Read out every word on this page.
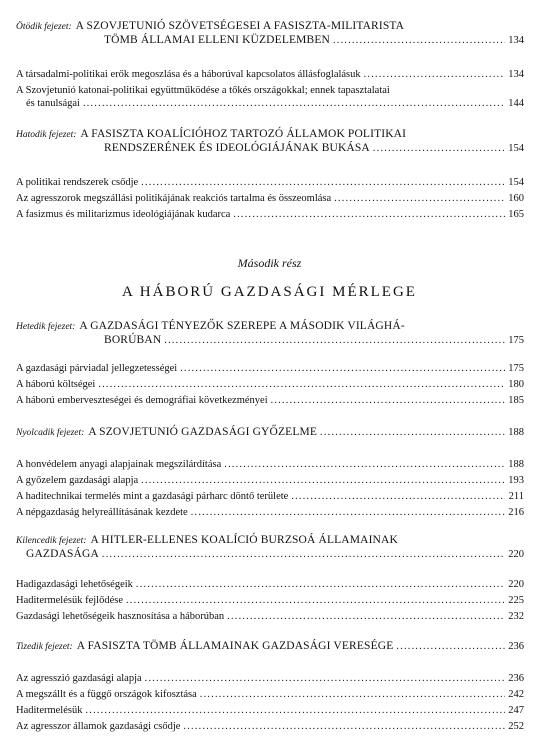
Ötödik fejezet: A SZOVJETUNIÓ SZÖVETSÉGESEI A FASISZTA-MILITARISTA
TÖMB ÁLLAMAI ELLENI KÜZDELEMBEN . . .	134
A társadalmi-politikai erők megoszlása és a háborúval kapcsolatos állásfoglalásuk . . .	134
A Szovjetunió katonai-politikai együttműködése a tőkés országokkal; ennek tapasztalatai
és tanulságai . . .	144
Hatodik fejezet: A FASISZTA KOALÍCIÓHOZ TARTOZÓ ÁLLAMOK POLITIKAI
RENDSZERÉNEK ÉS IDEOLÓGIÁJÁNAK BUKÁSA . . .	154
A politikai rendszerek csődje . . .	154
Az agresszorok megszállási politikájának reakciós tartalma és összeomlása . . .	160
A fasizmus és militarizmus ideológiájának kudarca . . .	165
Második rész
A HÁBORÚ GAZDASÁGI MÉRLEGE
Hetedik fejezet: A GAZDASÁGI TÉNYEZŐK SZEREPE A MÁSODIK VILÁGHÁ-
BORÚBAN . . .	175
A gazdasági párviadal jellegzetességei . . .	175
A háború költségei . . .	180
A háború emberveszteségei és demográfiai következményei . . .	185
Nyolcadik fejezet: A SZOVJETUNIÓ GAZDASÁGI GYŐZELME . . .	188
A honvédelem anyagi alapjainak megszilárdítása . . .	188
A győzelem gazdasági alapja . . .	193
A haditechnikai termelés mint a gazdasági párharc döntő területe . . .	211
A népgazdaság helyreállításának kezdete . . .	216
Kilencedik fejezet: A HITLER-ELLENES KOALÍCIÓ BURZSOÁ ÁLLAMAINAK
GAZDASÁGA . . .	220
Hadigazdasági lehetőségeik . . .	220
Haditermelésük fejlődése . . .	225
Gazdasági lehetőségeik hasznosítása a háborúban . . .	232
Tizedik fejezet: A FASISZTA TÖMB ÁLLAMAINAK GAZDASÁGI VERESÉGE . . .	236
Az agresszió gazdasági alapja . . .	236
A megszállt és a függő országok kifosztása . . .	242
Haditermelésük . . .	247
Az agresszor államok gazdasági csődje . . .	252
